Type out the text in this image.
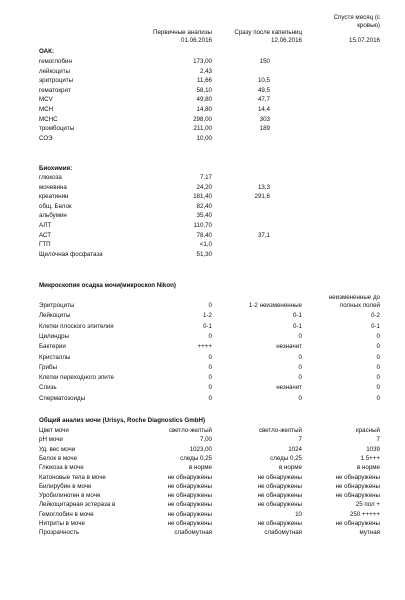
Первичные анализы
01.06.2016
Сразу после капельниц
12.06.2016
Спустя месяц (с
кровью)
15.07.2016
ОАК:
гемоглобин	173,00	150
лейкоциты	2,43
эритроциты	11,66	10,5
гематокрит	58,10	49,5
MCV	49,80	47,7
MCH	14,80	14,4
MCHC	298,00	303
тромбоциты	211,00	189
СОЭ	10,00
Биохимия:
глюкоза	7,17
мочевина	24,20	13,3
креатинин	181,40	291,6
общ. Белок	82,40
альбумин	35,40
АЛТ	110,70
АСТ	78,40	37,1
ГТП	<1,0
Щелочная фосфатаза	51,30
Микроскопия осадка мочи(микроскоп Nikon)
неизмененные до
полных полей
Эритроциты	0	1-2 неизмененные
Лейкоциты	1-2	0-1	0-2
Клетки плоского эпителия	0-1	0-1	0-1
Цилиндры	0	0	0
Бактерии	++++	незначит	0
Кристаллы	0	0	0
Грибы	0	0	0
Клетки переходного эпите	0	0	0
Слизь	0	незначит	0
Сперматозоиды	0	0	0
Общий анализ мочи (Urisys, Roche Diagnostics GmbH)
Цвет мочи	светло-желтый	светло-желтый	красный
pH мочи	7,00	7	7
Уд. вес мочи	1023,00	1024	1039
Белок в моче	следы 0,25	следы 0,25	1.5+++
Глюкоза в моче	в норме	в норме	в норме
Катоновые тела в моче	не обнаружены	не обнаружены	не обнаружены
Билирубин в моче	не обнаружены	не обнаружены	не обнаружены
Уробилиноген в моче	не обнаружены	не обнаружены	не обнаружены
Лейкоцитарная эстераза в	не обнаружены	не обнаружены	25 пол +
Гемоглобин в моче	не обнаружены	10	250 +++++
Нитриты в моче	не обнаружены	не обнаружены	не обнаружены
Прозрачность	слабомутная	слабомутная	мутная
